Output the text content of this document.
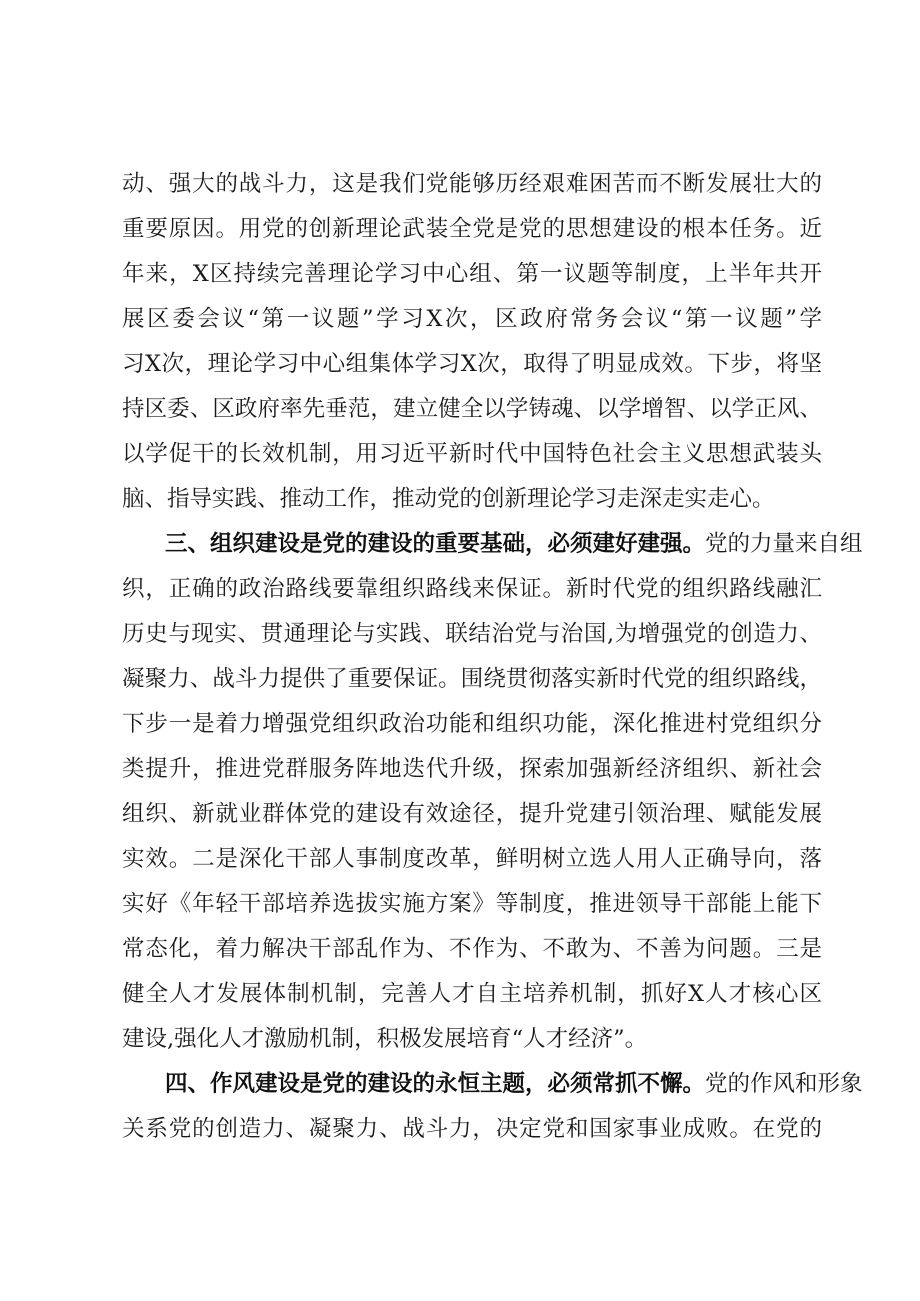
动、强大的战斗力，这是我们党能够历经艰难困苦而不断发展壮大的
重要原因。用党的创新理论武装全党是党的思想建设的根本任务。近
年来，X区持续完善理论学习中心组、第一议题等制度，上半年共开
展区委会议“第一议题”学习X次，区政府常务会议“第一议题”学
习X次，理论学习中心组集体学习X次，取得了明显成效。下步，将坚
持区委、区政府率先垂范，建立健全以学铸魂、以学增智、以学正风、
以学促干的长效机制，用习近平新时代中国特色社会主义思想武装头
脑、指导实践、推动工作，推动党的创新理论学习走深走实走心。
三、组织建设是党的建设的重要基础，必须建好建强。党的力量来自组
织，正确的政治路线要靠组织路线来保证。新时代党的组织路线融汇
历史与现实、贯通理论与实践、联结治党与治国,为增强党的创造力、
凝聚力、战斗力提供了重要保证。围绕贯彻落实新时代党的组织路线，
下步一是着力增强党组织政治功能和组织功能，深化推进村党组织分
类提升，推进党群服务阵地迭代升级，探索加强新经济组织、新社会
组织、新就业群体党的建设有效途径，提升党建引领治理、赋能发展
实效。二是深化干部人事制度改革，鲜明树立选人用人正确导向，落
实好《年轻干部培养选拔实施方案》等制度，推进领导干部能上能下
常态化，着力解决干部乱作为、不作为、不敢为、不善为问题。三是
健全人才发展体制机制，完善人才自主培养机制，抓好X人才核心区
建设,强化人才激励机制，积极发展培育“人才经济”。
四、作风建设是党的建设的永恒主题，必须常抓不懈。党的作风和形象
关系党的创造力、凝聚力、战斗力，决定党和国家事业成败。在党的
